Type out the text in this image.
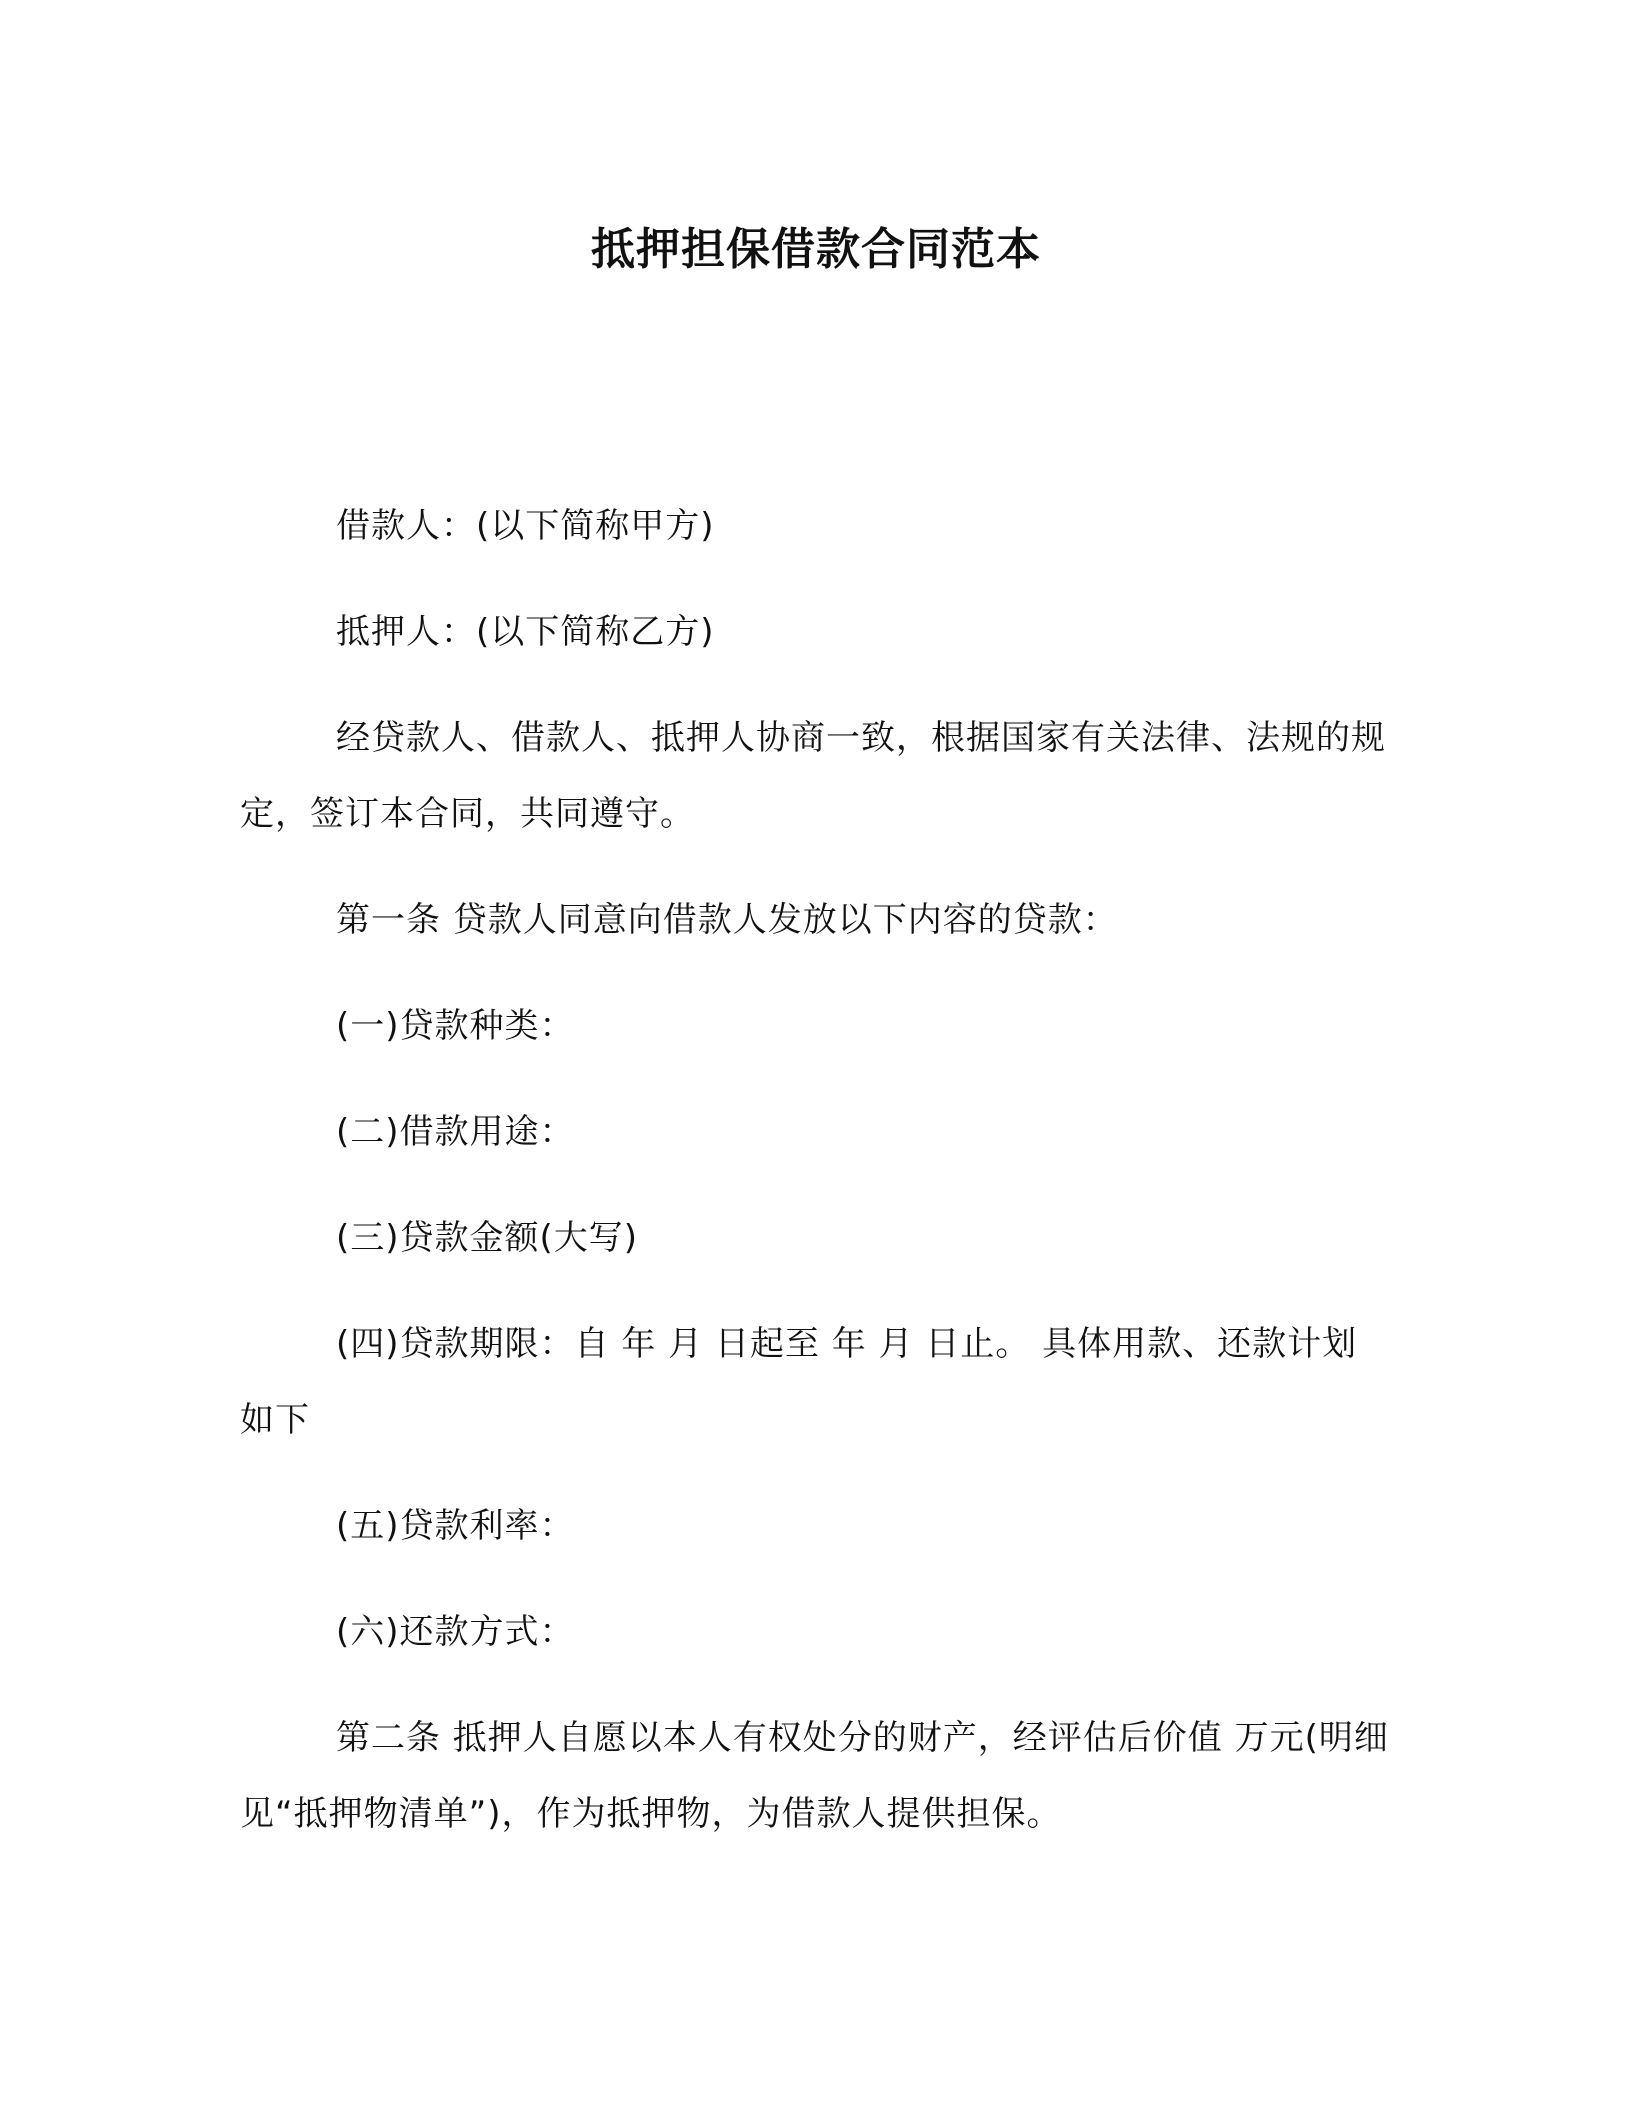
抵押担保借款合同范本

借款人：(以下简称甲方)

抵押人：(以下简称乙方)

经贷款人、借款人、抵押人协商一致，根据国家有关法律、法规的规定，签订本合同，共同遵守。

第一条 贷款人同意向借款人发放以下内容的贷款：

(一)贷款种类：

(二)借款用途：

(三)贷款金额(大写)

(四)贷款期限：自 年 月 日起至 年 月 日止。 具体用款、还款计划如下

(五)贷款利率：

(六)还款方式：

第二条 抵押人自愿以本人有权处分的财产，经评估后价值 万元(明细见“抵押物清单”)，作为抵押物，为借款人提供担保。
